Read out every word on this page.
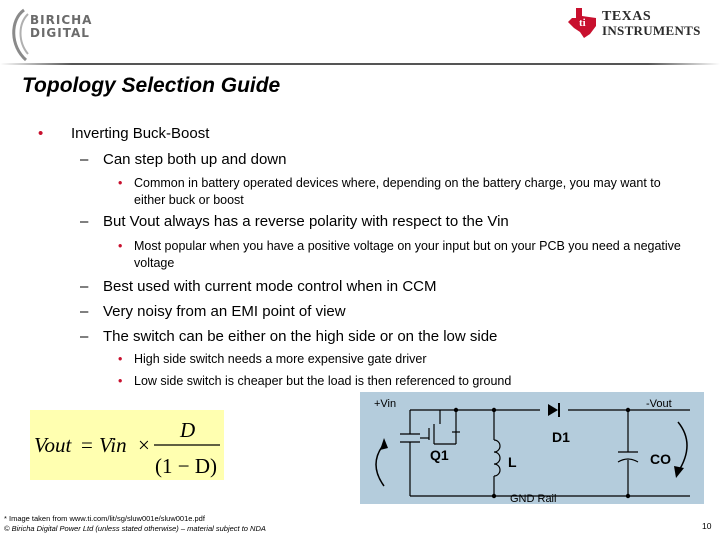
BIRICHA
DIGITAL
ti TEXAS
INSTRUMENTS
Topology Selection Guide
• Inverting Buck-Boost
– Can step both up and down
• Common in battery operated devices where, depending on the battery charge, you may want to either buck or boost
– But Vout always has a reverse polarity with respect to the Vin
• Most popular when you have a positive voltage on your input but on your PCB you need a negative voltage
– Best used with current mode control when in CCM
– Very noisy from an EMI point of view
– The switch can be either on the high side or on the low side
• High side switch needs a more expensive gate driver
• Low side switch is cheaper but the load is then referenced to ground
Vout = Vin ×
D
(1 − D)
+Vin	-Vout
Q1
D1
L	CO
GND Rail
* Image taken from www.ti.com/lit/sg/sluw001e/sluw001e.pdf
© Biricha Digital Power Ltd (unless stated otherwise) – material subject to NDA	10
